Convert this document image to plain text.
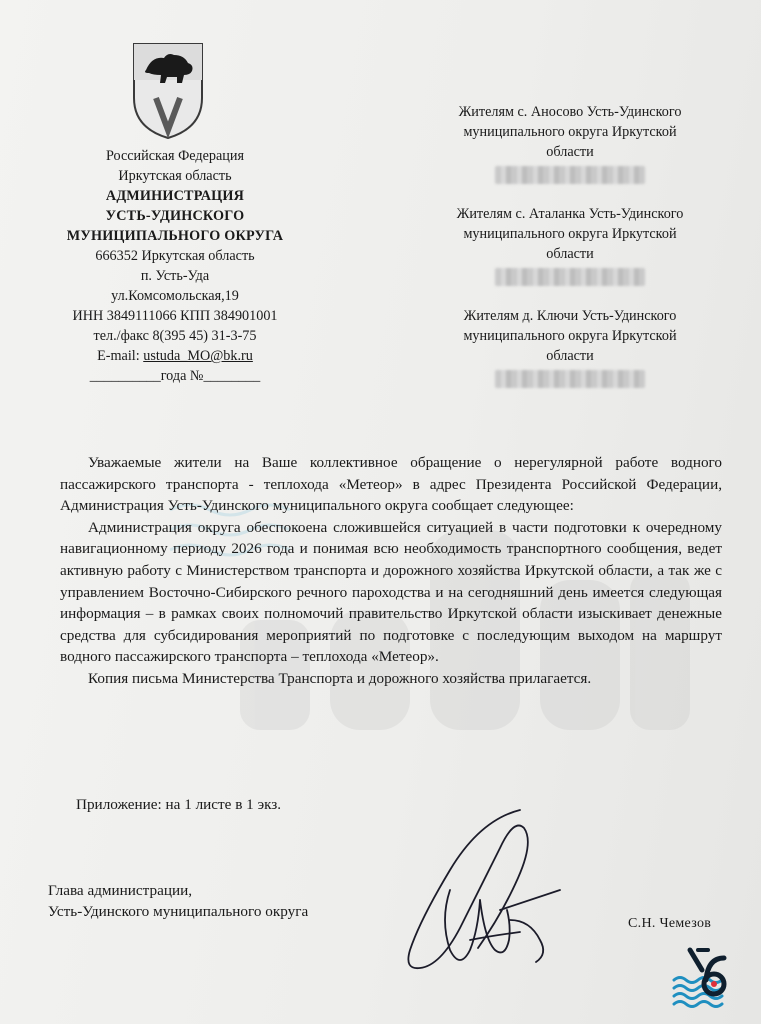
Российская Федерация
Иркутская область
АДМИНИСТРАЦИЯ
УСТЬ-УДИНСКОГО
МУНИЦИПАЛЬНОГО ОКРУГА
666352 Иркутская область
п. Усть-Уда
ул.Комсомольская,19
ИНН 3849111066 КПП 384901001
тел./факс 8(395 45) 31-3-75
E-mail: ustuda_MO@bk.ru
__________года №________
Жителям с. Аносово Усть-Удинского
муниципального округа Иркутской
области
Жителям с. Аталанка Усть-Удинского
муниципального округа Иркутской
области
Жителям д. Ключи Усть-Удинского
муниципального округа Иркутской
области

Уважаемые жители на Ваше коллективное обращение о нерегулярной работе водного пассажирского транспорта - теплохода «Метеор» в адрес Президента Российской Федерации, Администрация Усть-Удинского муниципального округа сообщает следующее:

Администрация округа обеспокоена сложившейся ситуацией в части подготовки к очередному навигационному периоду 2026 года и понимая всю необходимость транспортного сообщения, ведет активную работу с Министерством транспорта и дорожного хозяйства Иркутской области, а так же с управлением Восточно-Сибирского речного пароходства и на сегодняшний день имеется следующая информация – в рамках своих полномочий правительство Иркутской области изыскивает денежные средства для субсидирования мероприятий по подготовке с последующим выходом на маршрут водного пассажирского транспорта – теплохода «Метеор».

Копия письма Министерства Транспорта и дорожного хозяйства прилагается.

Приложение: на 1 листе в 1 экз.
Глава администрации,
Усть-Удинского муниципального округа
С.Н. Чемезов
